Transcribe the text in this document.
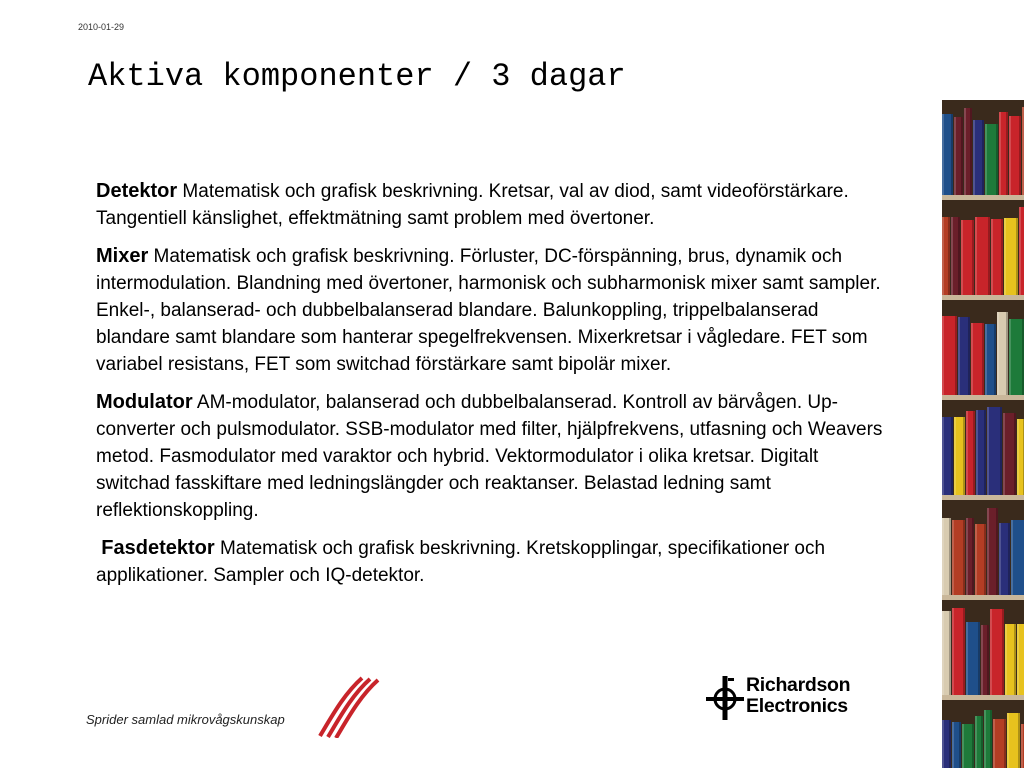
2010-01-29
Aktiva komponenter / 3 dagar

Detektor Matematisk och grafisk beskrivning. Kretsar, val av diod, samt videoförstärkare. Tangentiell känslighet, effektmätning samt problem med övertoner.

Mixer Matematisk och grafisk beskrivning. Förluster, DC-förspänning, brus, dynamik och intermodulation. Blandning med övertoner, harmonisk och subharmonisk mixer samt sampler. Enkel-, balanserad- och dubbelbalanserad blandare. Balunkoppling, trippelbalanserad blandare samt blandare som hanterar spegelfrekvensen. Mixerkretsar i vågledare. FET som variabel resistans, FET som switchad förstärkare samt bipolär mixer.

Modulator AM-modulator, balanserad och dubbelbalanserad. Kontroll av bärvågen. Up-converter och pulsmodulator. SSB-modulator med filter, hjälpfrekvens, utfasning och Weavers metod. Fasmodulator med varaktor och hybrid. Vektormodulator i olika kretsar. Digitalt switchad fasskiftare med ledningslängder och reaktanser. Belastad ledning samt reflektionskoppling.

Fasdetektor Matematisk och grafisk beskrivning. Kretskopplingar, specifikationer och applikationer. Sampler och IQ-detektor.

Sprider samlad mikrovågskunskap
Richardson
Electronics
